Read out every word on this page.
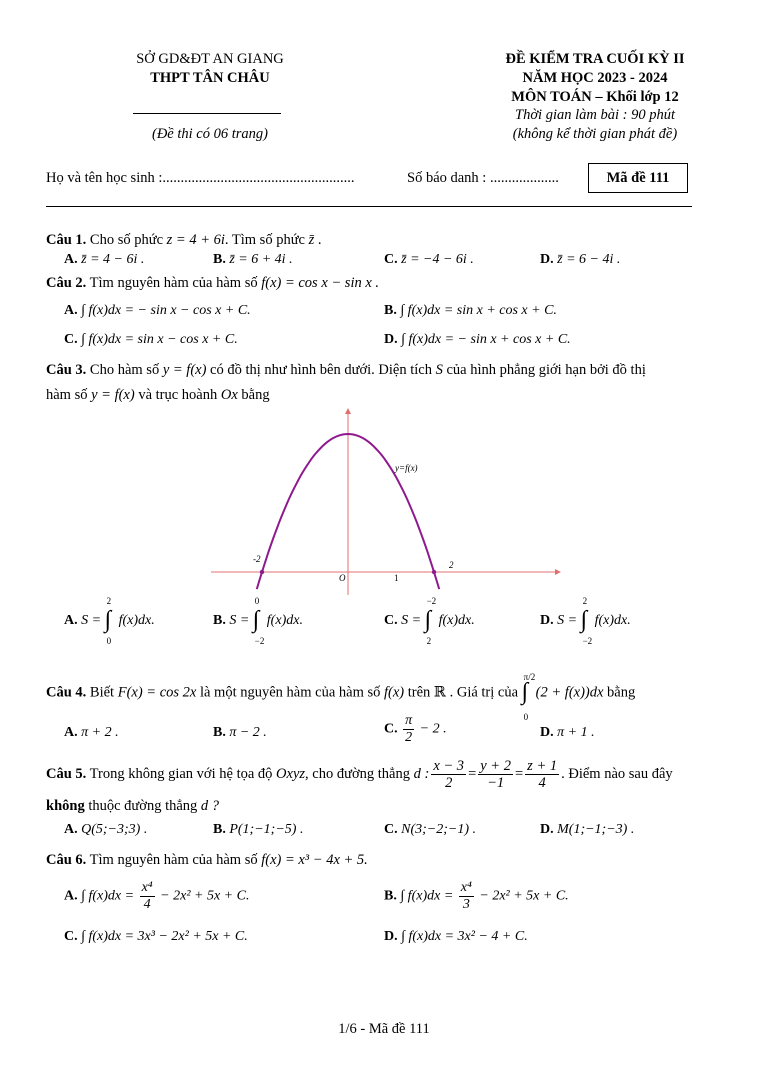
SỞ GD&ĐT AN GIANG
THPT TÂN CHÂU
(Đề thi có 06 trang)
ĐỀ KIỂM TRA CUỐI KỲ II
NĂM HỌC 2023 - 2024
MÔN TOÁN – Khối lớp 12
Thời gian làm bài : 90 phút
(không kể thời gian phát đề)
Họ và tên học sinh :.....................................................	Số báo danh : ...................	Mã đề 111
Câu 1. Cho số phức z = 4 + 6i. Tìm số phức z̄ .
A. z̄ = 4 − 6i .	B. z̄ = 6 + 4i .	C. z̄ = −4 − 6i .	D. z̄ = 6 − 4i .
Câu 2. Tìm nguyên hàm của hàm số f(x) = cos x − sin x .
A. ∫ f(x)dx = − sin x − cos x + C.	B. ∫ f(x)dx = sin x + cos x + C.
C. ∫ f(x)dx = sin x − cos x + C.	D. ∫ f(x)dx = − sin x + cos x + C.
Câu 3. Cho hàm số y = f(x) có đồ thị như hình bên dưới. Diện tích S của hình phẳng giới hạn bởi đồ thị
hàm số y = f(x) và trục hoành Ox bằng
-2
2
O	1
y=f(x)
A. S =
2
∫
0
f(x)dx.	B. S =
0
∫
−2
f(x)dx.	C. S =
−2
∫
2
f(x)dx.	D. S =
2
∫
−2
f(x)dx.
Câu 4. Biết F(x) = cos 2x là một nguyên hàm của hàm số f(x) trên ℝ . Giá trị của
π/2
∫
0
(2 + f(x))dx bằng
A. π + 2 .	B. π − 2 .	C. $\frac{\pi}{2} - 2$ .	D. π + 1 .
Câu 5. Trong không gian với hệ tọa độ Oxyz, cho đường thẳng d : $\frac{x - 3}{2} = \frac{y + 2}{-1} = \frac{z + 1}{4}$ . Điểm nào sau đây
không thuộc đường thẳng d ?
A. Q(5;−3;3) .	B. P(1;−1;−5) .	C. N(3;−2;−1) .	D. M(1;−1;−3) .
Câu 6. Tìm nguyên hàm của hàm số f(x) = x³ − 4x + 5.
A. ∫ $f(x)dx = \frac{\text{x⁴}}{4} - 2x^2 + 5x + C$.	B. ∫ $f(x)dx = \frac{\text{x⁴}}{3} - 2x^2 + 5x + C$.
C. ∫ f(x)dx = 3x³ − 2x² + 5x + C.	D. ∫ f(x)dx = 3x² − 4 + C.
1/6 - Mã đề 111
